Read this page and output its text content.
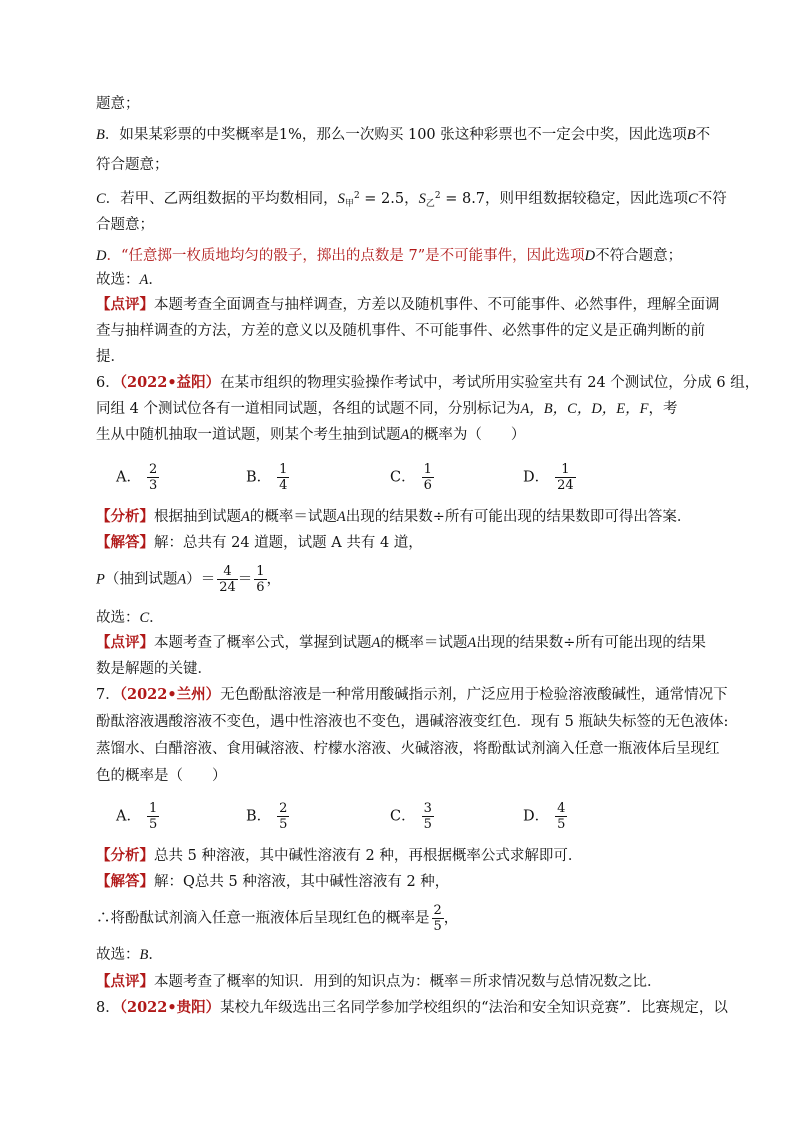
题意；
B．如果某彩票的中奖概率是1%，那么一次购买 100 张这种彩票也不一定会中奖，因此选项B不
符合题意；
C．若甲、乙两组数据的平均数相同，$S_甲^2 = 2.5$，$S_乙^2 = 8.7$，则甲组数据较稳定，因此选项C不符
合题意；
D．“任意掷一枚质地均匀的骰子，掷出的点数是 7”是不可能事件，因此选项D不符合题意；
故选：A．
【点评】本题考查全面调查与抽样调查，方差以及随机事件、不可能事件、必然事件，理解全面调
查与抽样调查的方法，方差的意义以及随机事件、不可能事件、必然事件的定义是正确判断的前
提．
6．（2022•益阳）在某市组织的物理实验操作考试中，考试所用实验室共有 24 个测试位，分成 6 组，
同组 4 个测试位各有一道相同试题，各组的试题不同，分别标记为A，B，C，D，E，F，考
生从中随机抽取一道试题，则某个考生抽到试题A的概率为（　　）
A． $\frac{2}{3}$	B． $\frac{1}{4}$	C． $\frac{1}{6}$	D． $\frac{1}{24}$
【分析】根据抽到试题A的概率＝试题A出现的结果数÷所有可能出现的结果数即可得出答案．
【解答】解：总共有 24 道题，试题 A 共有 4 道，
P（抽到试题$A)= \frac{4}{24} = \frac{1}{6}$ ，
故选：C．
【点评】本题考查了概率公式，掌握到试题A的概率＝试题A出现的结果数÷所有可能出现的结果
数是解题的关键．
7．（2022•兰州）无色酚酞溶液是一种常用酸碱指示剂，广泛应用于检验溶液酸碱性，通常情况下
酚酞溶液遇酸溶液不变色，遇中性溶液也不变色，遇碱溶液变红色．现有 5 瓶缺失标签的无色液体:
蒸馏水、白醋溶液、食用碱溶液、柠檬水溶液、火碱溶液，将酚酞试剂滴入任意一瓶液体后呈现红
色的概率是（　　）
A． $\frac{1}{5}$	B． $\frac{2}{5}$	C． $\frac{3}{5}$	D． $\frac{4}{5}$
【分析】总共 5 种溶液，其中碱性溶液有 2 种，再根据概率公式求解即可．
【解答】解：Q总共 5 种溶液，其中碱性溶液有 2 种，
∴将酚酞试剂滴入任意一瓶液体后呈现红色的概率是 $\frac{2}{5}$ ，
故选：B．
【点评】本题考查了概率的知识．用到的知识点为：概率＝所求情况数与总情况数之比．
8．（2022•贵阳）某校九年级选出三名同学参加学校组织的“法治和安全知识竞赛”．比赛规定，以
